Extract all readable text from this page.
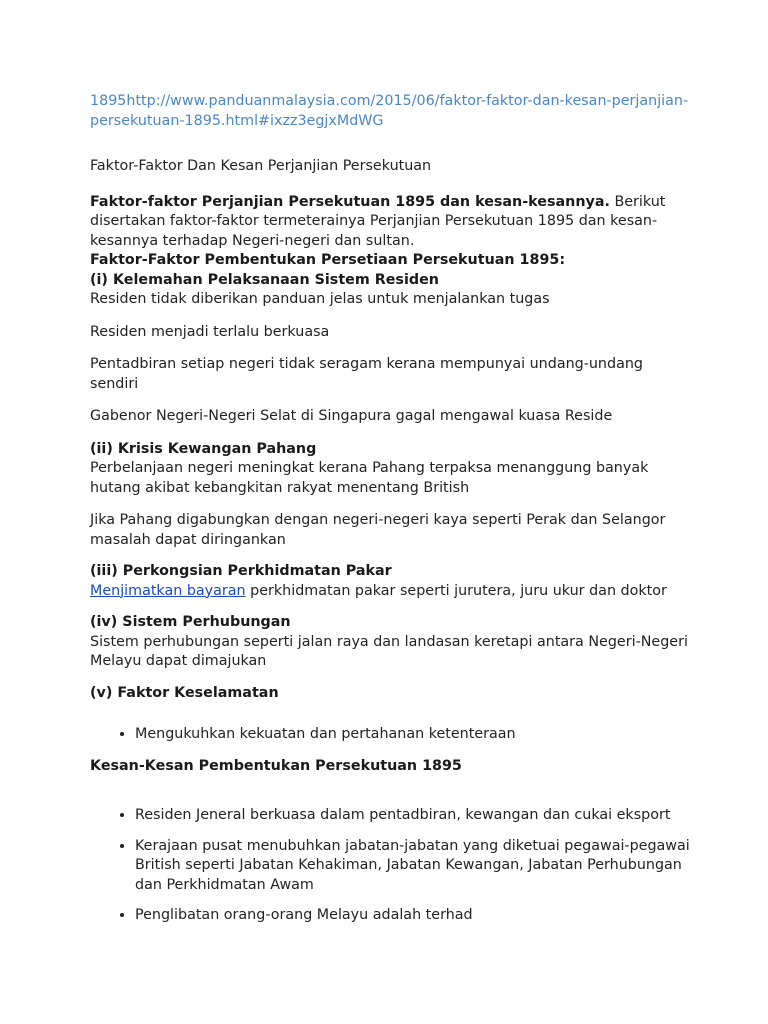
1895http://www.panduanmalaysia.com/2015/06/faktor-faktor-dan-kesan-perjanjian-persekutuan-1895.html#ixzz3egjxMdWG

Faktor-Faktor Dan Kesan Perjanjian Persekutuan

Faktor-faktor Perjanjian Persekutuan 1895 dan kesan-kesannya. Berikut disertakan faktor-faktor termeterainya Perjanjian Persekutuan 1895 dan kesan-kesannya terhadap Negeri-negeri dan sultan.

Faktor-Faktor Pembentukan Persetiaan Persekutuan 1895:

(i) Kelemahan Pelaksanaan Sistem Residen

Residen tidak diberikan panduan jelas untuk menjalankan tugas

Residen menjadi terlalu berkuasa

Pentadbiran setiap negeri tidak seragam kerana mempunyai undang-undang sendiri

Gabenor Negeri-Negeri Selat di Singapura gagal mengawal kuasa Reside

(ii) Krisis Kewangan Pahang

Perbelanjaan negeri meningkat kerana Pahang terpaksa menanggung banyak hutang akibat kebangkitan rakyat menentang British

Jika Pahang digabungkan dengan negeri-negeri kaya seperti Perak dan Selangor masalah dapat diringankan

(iii) Perkongsian Perkhidmatan Pakar

Menjimatkan bayaran perkhidmatan pakar seperti jurutera, juru ukur dan doktor

(iv) Sistem Perhubungan

Sistem perhubungan seperti jalan raya dan landasan keretapi antara Negeri-Negeri Melayu dapat dimajukan

(v) Faktor Keselamatan

• Mengukuhkan kekuatan dan pertahanan ketenteraan

Kesan-Kesan Pembentukan Persekutuan 1895

• Residen Jeneral berkuasa dalam pentadbiran, kewangan dan cukai eksport
• Kerajaan pusat menubuhkan jabatan-jabatan yang diketuai pegawai-pegawai British seperti Jabatan Kehakiman, Jabatan Kewangan, Jabatan Perhubungan dan Perkhidmatan Awam
• Penglibatan orang-orang Melayu adalah terhad
